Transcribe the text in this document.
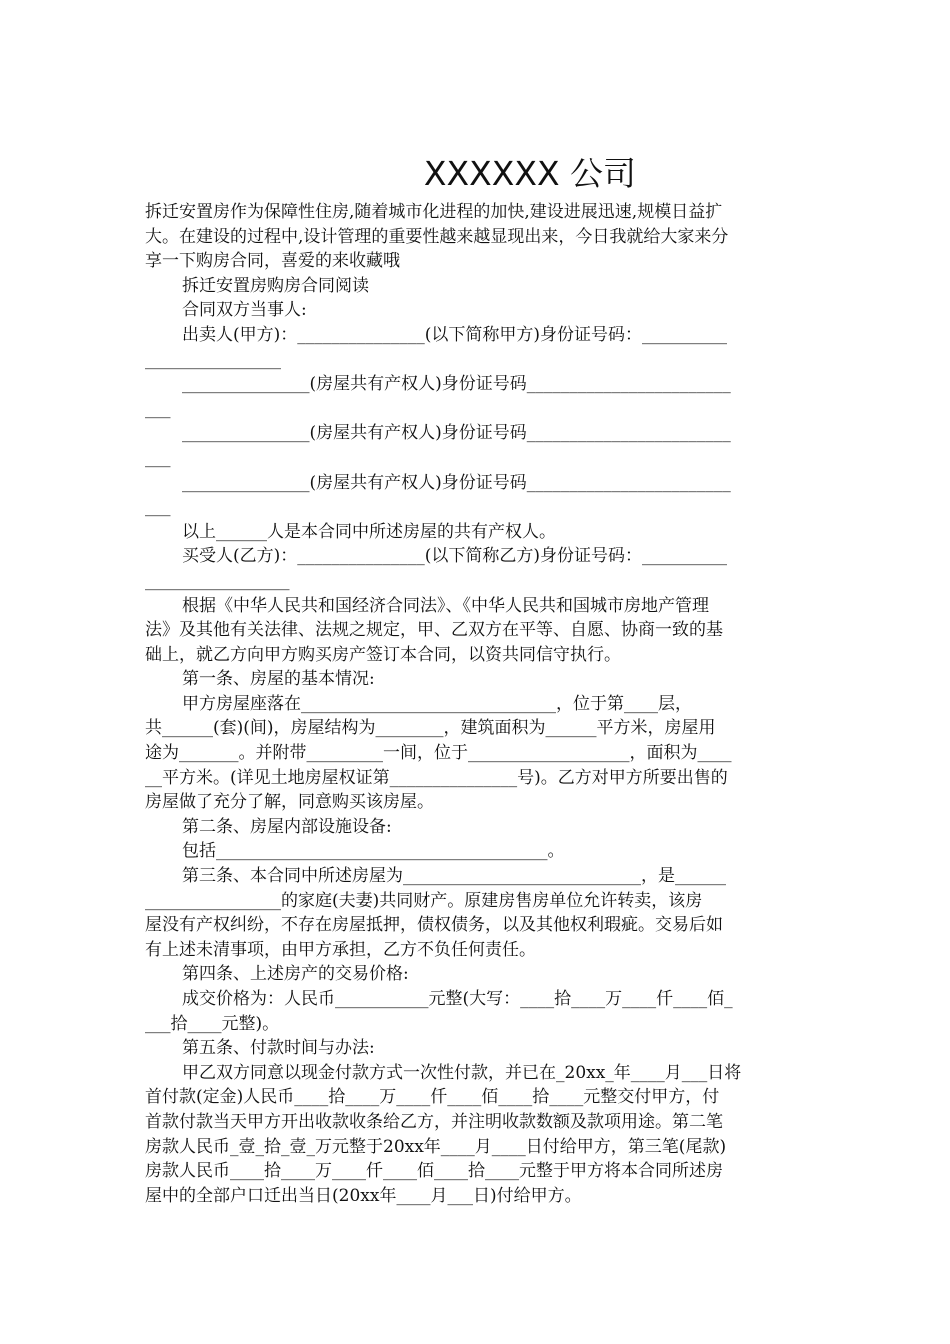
XXXXXX 公司
拆迁安置房作为保障性住房,随着城市化进程的加快,建设进展迅速,规模日益扩
大。在建设的过程中,设计管理的重要性越来越显现出来，今日我就给大家来分
享一下购房合同，喜爱的来收藏哦
拆迁安置房购房合同阅读
合同双方当事人:
出卖人(甲方)：_______________(以下简称甲方)身份证号码：__________
________________
_______________(房屋共有产权人)身份证号码________________________
___
_______________(房屋共有产权人)身份证号码________________________
___
_______________(房屋共有产权人)身份证号码________________________
___
以上______人是本合同中所述房屋的共有产权人。
买受人(乙方)：_______________(以下简称乙方)身份证号码：__________
_________________
根据《中华人民共和国经济合同法》、《中华人民共和国城市房地产管理
法》及其他有关法律、法规之规定，甲、乙双方在平等、自愿、协商一致的基
础上，就乙方向甲方购买房产签订本合同，以资共同信守执行。
第一条、房屋的基本情况:
甲方房屋座落在______________________________，位于第____层，
共______(套)(间)，房屋结构为________，建筑面积为______平方米，房屋用
途为_______。并附带_________一间，位于___________________，面积为____
__平方米。(详见土地房屋权证第_______________号)。乙方对甲方所要出售的
房屋做了充分了解，同意购买该房屋。
第二条、房屋内部设施设备:
包括_______________________________________。
第三条、本合同中所述房屋为____________________________，是______
________________的家庭(夫妻)共同财产。原建房售房单位允许转卖，该房
屋没有产权纠纷，不存在房屋抵押，债权债务，以及其他权利瑕疵。交易后如
有上述未清事项，由甲方承担，乙方不负任何责任。
第四条、上述房产的交易价格:
成交价格为：人民币___________元整(大写：____拾____万____仟____佰_
___拾____元整)。
第五条、付款时间与办法:
甲乙双方同意以现金付款方式一次性付款，并已在_20xx_年____月___日将
首付款(定金)人民币____拾____万____仟____佰____拾____元整交付甲方，付
首款付款当天甲方开出收款收条给乙方，并注明收款数额及款项用途。第二笔
房款人民币_壹_拾_壹_万元整于20xx年____月____日付给甲方，第三笔(尾款)
房款人民币____拾____万____仟____佰____拾____元整于甲方将本合同所述房
屋中的全部户口迁出当日(20xx年____月___日)付给甲方。
